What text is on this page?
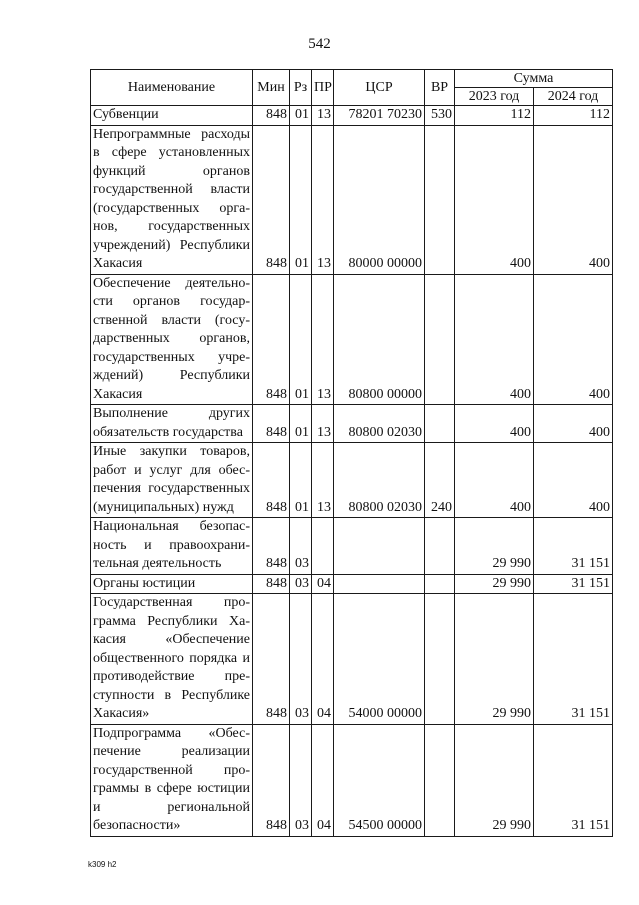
542
Наименование	Мин	Рз	ПР	ЦСР	ВР	Сумма	
						2023 год	2024 год
Субвенции	848	01	13	78201 70230	530	112	112
Непрограммные расходы в сфере установленных функций органов государственной власти (государственных органов, государственных учреждений) Республики Хакасия	848	01	13	80000 00000		400	400
Обеспечение деятельности органов государственной власти (государственных органов, государственных учреждений) Республики Хакасия	848	01	13	80800 00000		400	400
Выполнение других обязательств государства	848	01	13	80800 02030		400	400
Иные закупки товаров, работ и услуг для обеспечения государственных (муниципальных) нужд	848	01	13	80800 02030	240	400	400
Национальная безопасность и правоохранительная деятельность	848	03				29 990	31 151
Органы юстиции	848	03	04			29 990	31 151
Государственная программа Республики Хакасия «Обеспечение общественного порядка и противодействие преступности в Республике Хакасия»	848	03	04	54000 00000		29 990	31 151
Подпрограмма «Обеспечение реализации государственной программы в сфере юстиции и региональной безопасности»	848	03	04	54500 00000		29 990	31 151
k309 h2
